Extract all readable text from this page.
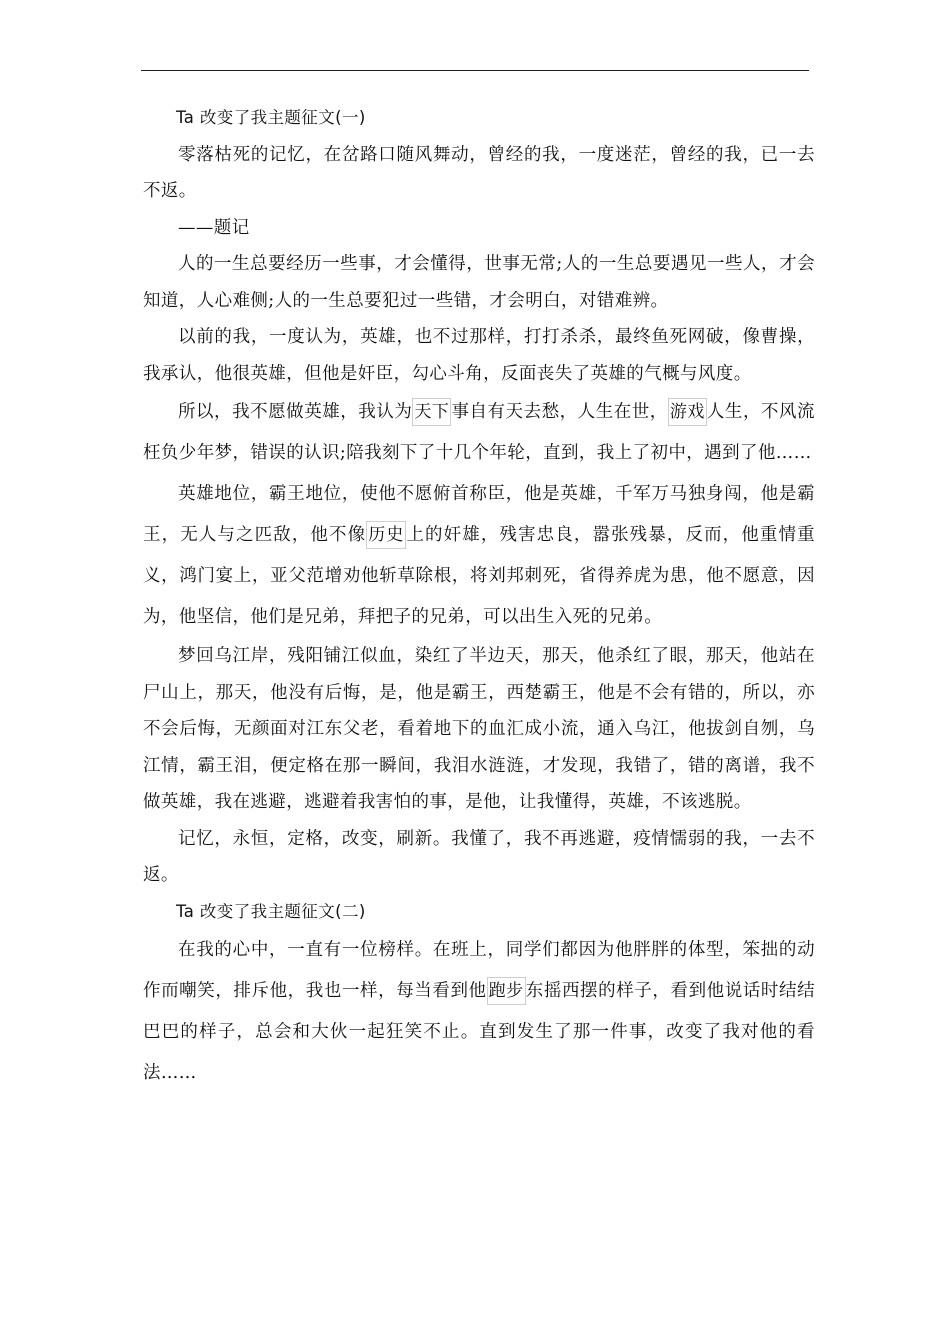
Ta 改变了我主题征文(一)

零落枯死的记忆，在岔路口随风舞动，曾经的我，一度迷茫，曾经的我，已一去不返。

——题记

人的一生总要经历一些事，才会懂得，世事无常;人的一生总要遇见一些人，才会知道，人心难侧;人的一生总要犯过一些错，才会明白，对错难辨。

以前的我，一度认为，英雄，也不过那样，打打杀杀，最终鱼死网破，像曹操，我承认，他很英雄，但他是奸臣，勾心斗角，反面丧失了英雄的气概与风度。

所以，我不愿做英雄，我认为 天下 事自有天去愁，人生在世， 游戏 人生，不风流枉负少年梦，错误的认识;陪我刻下了十几个年轮，直到，我上了初中，遇到了他……

英雄地位，霸王地位，使他不愿俯首称臣，他是英雄，千军万马独身闯，他是霸王，无人与之匹敌，他不像 历史 上的奸雄，残害忠良，嚣张残暴，反而，他重情重义，鸿门宴上，亚父范增劝他斩草除根，将刘邦刺死，省得养虎为患，他不愿意，因为，他坚信，他们是兄弟，拜把子的兄弟，可以出生入死的兄弟。

梦回乌江岸，残阳铺江似血，染红了半边天，那天，他杀红了眼，那天，他站在尸山上，那天，他没有后悔，是，他是霸王，西楚霸王，他是不会有错的，所以，亦不会后悔，无颜面对江东父老，看着地下的血汇成小流，通入乌江，他拔剑自刎，乌江情，霸王泪，便定格在那一瞬间，我泪水涟涟，才发现，我错了，错的离谱，我不做英雄，我在逃避，逃避着我害怕的事，是他，让我懂得，英雄，不该逃脱。

记忆，永恒，定格，改变，刷新。我懂了，我不再逃避，疫情懦弱的我，一去不返。

Ta 改变了我主题征文(二)

在我的心中，一直有一位榜样。在班上，同学们都因为他胖胖的体型，笨拙的动作而嘲笑，排斥他，我也一样，每当看到他 跑步 东摇西摆的样子，看到他说话时结结巴巴的样子，总会和大伙一起狂笑不止。直到发生了那一件事，改变了我对他的看法……
